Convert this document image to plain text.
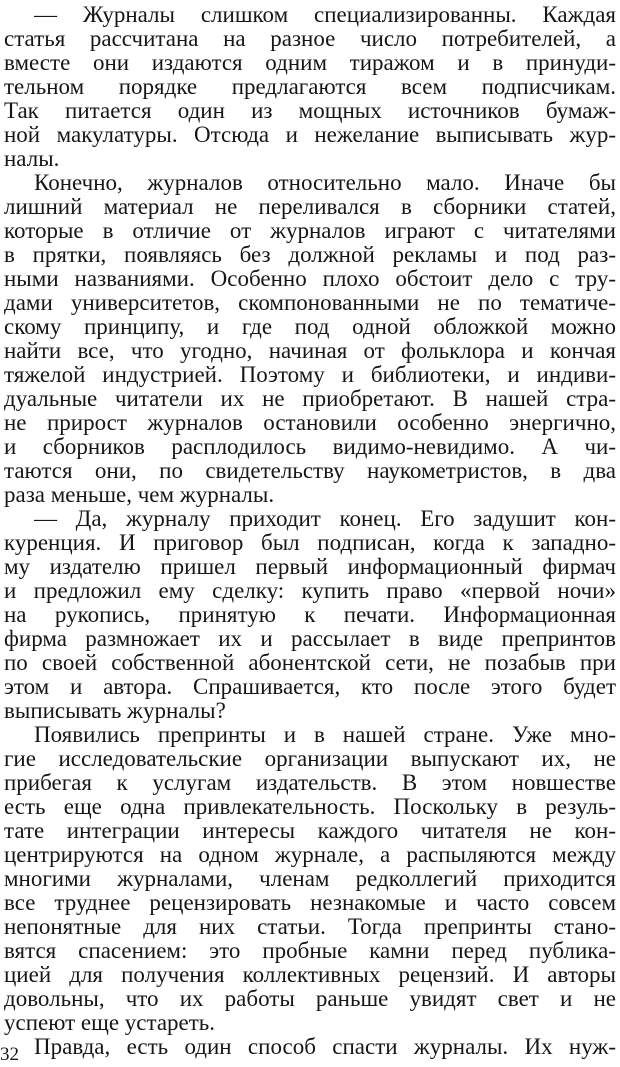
— Журналы слишком специализированны. Каждая
статья рассчитана на разное число потребителей, а
вместе они издаются одним тиражом и в принуди-
тельном порядке предлагаются всем подписчикам.
Так питается один из мощных источников бумаж-
ной макулатуры. Отсюда и нежелание выписывать жур-
налы.
Конечно, журналов относительно мало. Иначе бы
лишний материал не переливался в сборники статей,
которые в отличие от журналов играют с читателями
в прятки, появляясь без должной рекламы и под раз-
ными названиями. Особенно плохо обстоит дело с тру-
дами университетов, скомпонованными не по тематиче-
скому принципу, и где под одной обложкой можно
найти все, что угодно, начиная от фольклора и кончая
тяжелой индустрией. Поэтому и библиотеки, и индиви-
дуальные читатели их не приобретают. В нашей стра-
не прирост журналов остановили особенно энергично,
и сборников расплодилось видимо-невидимо. А чи-
таются они, по свидетельству наукометристов, в два
раза меньше, чем журналы.
— Да, журналу приходит конец. Его задушит кон-
куренция. И приговор был подписан, когда к западно-
му издателю пришел первый информационный фирмач
и предложил ему сделку: купить право «первой ночи»
на рукопись, принятую к печати. Информационная
фирма размножает их и рассылает в виде препринтов
по своей собственной абонентской сети, не позабыв при
этом и автора. Спрашивается, кто после этого будет
выписывать журналы?
Появились препринты и в нашей стране. Уже мно-
гие исследовательские организации выпускают их, не
прибегая к услугам издательств. В этом новшестве
есть еще одна привлекательность. Поскольку в резуль-
тате интеграции интересы каждого читателя не кон-
центрируются на одном журнале, а распыляются между
многими журналами, членам редколлегий приходится
все труднее рецензировать незнакомые и часто совсем
непонятные для них статьи. Тогда препринты стано-
вятся спасением: это пробные камни перед публика-
цией для получения коллективных рецензий. И авторы
довольны, что их работы раньше увидят свет и не
успеют еще устареть.
Правда, есть один способ спасти журналы. Их нуж-
32
